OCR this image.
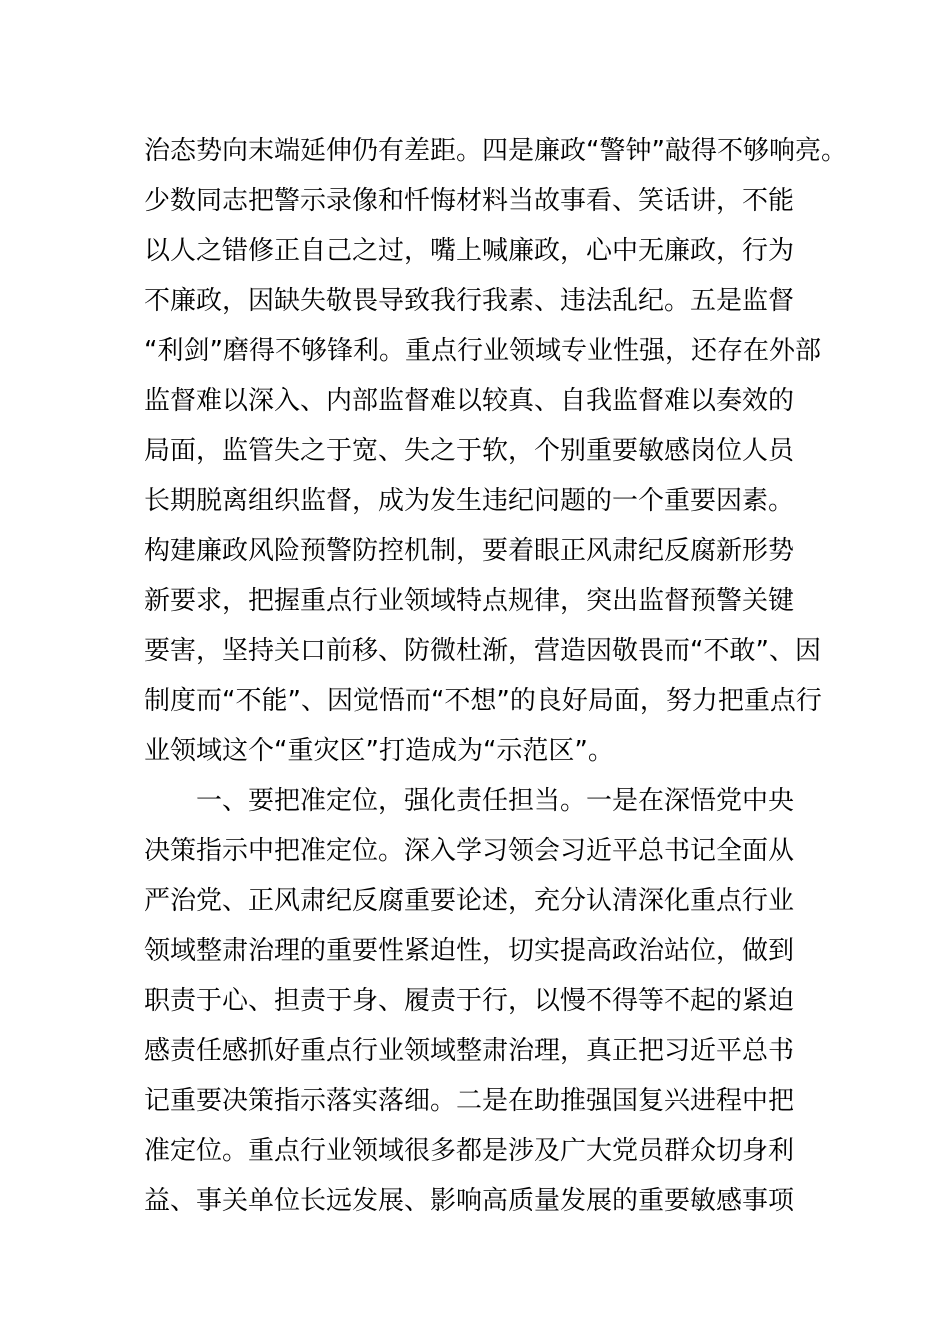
治态势向末端延伸仍有差距。四是廉政“警钟”敲得不够响亮。
少数同志把警示录像和忏悔材料当故事看、笑话讲，不能
以人之错修正自己之过，嘴上喊廉政，心中无廉政，行为
不廉政，因缺失敬畏导致我行我素、违法乱纪。五是监督
“利剑”磨得不够锋利。重点行业领域专业性强，还存在外部
监督难以深入、内部监督难以较真、自我监督难以奏效的
局面，监管失之于宽、失之于软，个别重要敏感岗位人员
长期脱离组织监督，成为发生违纪问题的一个重要因素。
构建廉政风险预警防控机制，要着眼正风肃纪反腐新形势
新要求，把握重点行业领域特点规律，突出监督预警关键
要害，坚持关口前移、防微杜渐，营造因敬畏而“不敢”、因
制度而“不能”、因觉悟而“不想”的良好局面，努力把重点行
业领域这个“重灾区”打造成为“示范区”。
　　一、要把准定位，强化责任担当。一是在深悟党中央
决策指示中把准定位。深入学习领会习近平总书记全面从
严治党、正风肃纪反腐重要论述，充分认清深化重点行业
领域整肃治理的重要性紧迫性，切实提高政治站位，做到
职责于心、担责于身、履责于行，以慢不得等不起的紧迫
感责任感抓好重点行业领域整肃治理，真正把习近平总书
记重要决策指示落实落细。二是在助推强国复兴进程中把
准定位。重点行业领域很多都是涉及广大党员群众切身利
益、事关单位长远发展、影响高质量发展的重要敏感事项
